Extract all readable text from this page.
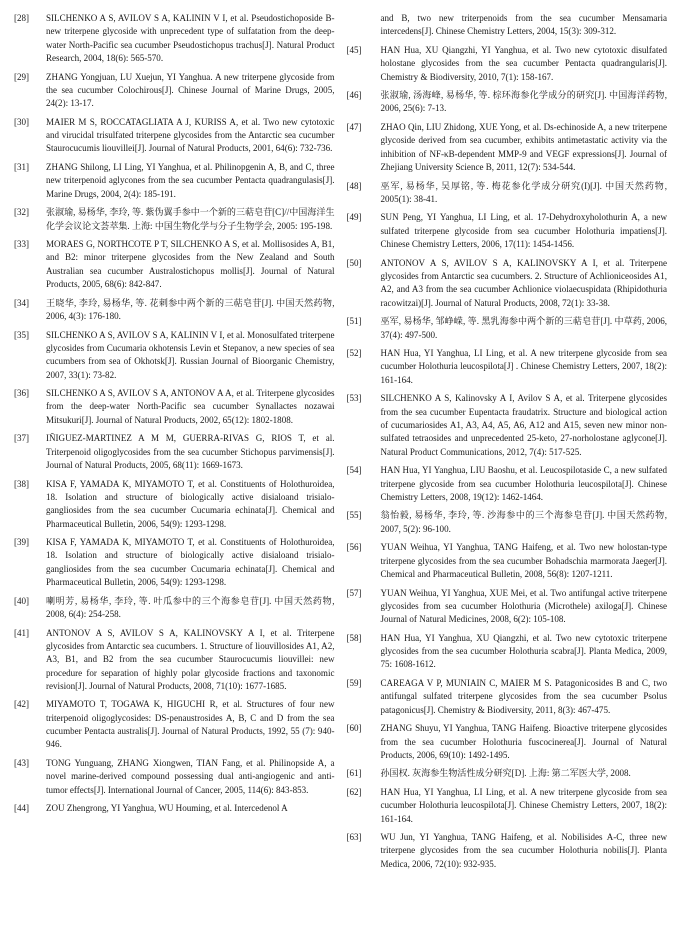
[28]	SILCHENKO A S, AVILOV S A, KALININ V I, et al. Pseudostichoposide B-new triterpene glycoside with unprecedent type of sulfatation from the deep-water North-Pacific sea cucumber Pseudostichopus trachus[J]. Natural Product Research, 2004, 18(6): 565-570.
[29]	ZHANG Yongjuan, LU Xuejun, YI Yanghua. A new triterpene glycoside from the sea cucumber Colochirous[J]. Chinese Journal of Marine Drugs, 2005, 24(2): 13-17.
[30]	MAIER M S, ROCCATAGLIATA A J, KURISS A, et al. Two new cytotoxic and virucidal trisulfated triterpene glycosides from the Antarctic sea cucumber Staurocucumis liouvillei[J]. Journal of Natural Products, 2001, 64(6): 732-736.
[31]	ZHANG Shilong, LI Ling, YI Yanghua, et al. Philinopgenin A, B, and C, three new triterpenoid aglycones from the sea cucumber Pentacta quadrangulasis[J]. Marine Drugs, 2004, 2(4): 185-191.
[32]	张淑瑜, 易杨华, 李玲, 等. 紫伪翼手参中一个新的三萜皂苷[C]//中国海洋生化学会议论文荟萃集. 上海: 中国生物化学与分子生物学会, 2005: 195-198.
[33]	MORAES G, NORTHCOTE P T, SILCHENKO A S, et al. Mollisosides A, B1, and B2: minor triterpene glycosides from the New Zealand and South Australian sea cucumber Australostichopus mollis[J]. Journal of Natural Products, 2005, 68(6): 842-847.
[34]	王晓华, 李玲, 易杨华, 等. 花刺参中两个新的三萜皂苷[J]. 中国天然药物, 2006, 4(3): 176-180.
[35]	SILCHENKO A S, AVILOV S A, KALININ V I, et al. Monosulfated triterpene glycosides from Cucumaria okhotensis Levin et Stepanov, a new species of sea cucumbers from sea of Okhotsk[J]. Russian Journal of Bioorganic Chemistry, 2007, 33(1): 73-82.
[36]	SILCHENKO A S, AVILOV S A, ANTONOV A A, et al. Triterpene glycosides from the deep-water North-Pacific sea cucumber Synallactes nozawai Mitsukuri[J]. Journal of Natural Products, 2002, 65(12): 1802-1808.
[37]	IÑIGUEZ-MARTINEZ A M M, GUERRA-RIVAS G, RIOS T, et al. Triterpenoid oligoglycosides from the sea cucumber Stichopus parvimensis[J]. Journal of Natural Products, 2005, 68(11): 1669-1673.
[38]	KISA F, YAMADA K, MIYAMOTO T, et al. Constituents of Holothuroidea, 18. Isolation and structure of biologically active disialoand trisialo-gangliosides from the sea cucumber Cucumaria echinata[J]. Chemical and Pharmaceutical Bulletin, 2006, 54(9): 1293-1298.
[39]	KISA F, YAMADA K, MIYAMOTO T, et al. Constituents of Holothuroidea, 18. Isolation and structure of biologically active disialoand trisialo-gangliosides from the sea cucumber Cucumaria echinata[J]. Chemical and Pharmaceutical Bulletin, 2006, 54(9): 1293-1298.
[40]	喇明芳, 易杨华, 李玲, 等. 叶瓜参中的三个海参皂苷[J]. 中国天然药物, 2008, 6(4): 254-258.
[41]	ANTONOV A S, AVILOV S A, KALINOVSKY A I, et al. Triterpene glycosides from Antarctic sea cucumbers. 1. Structure of liouvillosides A1, A2, A3, B1, and B2 from the sea cucumber Staurocucumis liouvillei: new procedure for separation of highly polar glycoside fractions and taxonomic revision[J]. Journal of Natural Products, 2008, 71(10): 1677-1685.
[42]	MIYAMOTO T, TOGAWA K, HIGUCHI R, et al. Structures of four new triterpenoid oligoglycosides: DS-penaustrosides A, B, C and D from the sea cucumber Pentacta australis[J]. Journal of Natural Products, 1992, 55 (7): 940-946.
[43]	TONG Yunguang, ZHANG Xiongwen, TIAN Fang, et al. Philinopside A, a novel marine-derived compound possessing dual anti-angiogenic and anti-tumor effects[J]. International Journal of Cancer, 2005, 114(6): 843-853.
[44]	ZOU Zhengrong, YI Yanghua, WU Houming, et al. Intercedenol A
and B, two new triterpenoids from the sea cucumber Mensamaria intercedens[J]. Chinese Chemistry Letters, 2004, 15(3): 309-312.
[45]	HAN Hua, XU Qiangzhi, YI Yanghua, et al. Two new cytotoxic disulfated holostane glycosides from the sea cucumber Pentacta quadrangularis[J]. Chemistry & Biodiversity, 2010, 7(1): 158-167.
[46]	张淑瑜, 汤海峰, 易杨华, 等. 棕环海参化学成分的研究[J]. 中国海洋药物, 2006, 25(6): 7-13.
[47]	ZHAO Qin, LIU Zhidong, XUE Yong, et al. Ds-echinoside A, a new triterpene glycoside derived from sea cucumber, exhibits antimetastatic activity via the inhibition of NF-κB-dependent MMP-9 and VEGF expressions[J]. Journal of Zhejiang University Science B, 2011, 12(7): 534-544.
[48]	巫军, 易杨华, 吴厚铭, 等. 梅花参化学成分研究(I)[J]. 中国天然药物, 2005(1): 38-41.
[49]	SUN Peng, YI Yanghua, LI Ling, et al. 17-Dehydroxyholothurin A, a new sulfated triterpene glycoside from sea cucumber Holothuria impatiens[J]. Chinese Chemistry Letters, 2006, 17(11): 1454-1456.
[50]	ANTONOV A S, AVILOV S A, KALINOVSKY A I, et al. Triterpene glycosides from Antarctic sea cucumbers. 2. Structure of Achlioniceosides A1, A2, and A3 from the sea cucumber Achlionice violaecuspidata (Rhipidothuria racowitzai)[J]. Journal of Natural Products, 2008, 72(1): 33-38.
[51]	巫军, 易杨华, 邹峥嵘, 等. 黑乳海参中两个新的三萜皂苷[J]. 中草药, 2006, 37(4): 497-500.
[52]	HAN Hua, YI Yanghua, LI Ling, et al. A new triterpene glycoside from sea cucumber Holothuria leucospilota[J] . Chinese Chemistry Letters, 2007, 18(2): 161-164.
[53]	SILCHENKO A S, Kalinovsky A I, Avilov S A, et al. Triterpene glycosides from the sea cucumber Eupentacta fraudatrix. Structure and biological action of cucumariosides A1, A3, A4, A5, A6, A12 and A15, seven new minor non-sulfated tetraosides and unprecedented 25-keto, 27-norholostane aglycone[J]. Natural Product Communications, 2012, 7(4): 517-525.
[54]	HAN Hua, YI Yanghua, LIU Baoshu, et al. Leucospilotaside C, a new sulfated triterpene glycoside from sea cucumber Holothuria leucospilota[J]. Chinese Chemistry Letters, 2008, 19(12): 1462-1464.
[55]	翁怡毅, 易杨华, 李玲, 等. 沙海参中的三个海参皂苷[J]. 中国天然药物, 2007, 5(2): 96-100.
[56]	YUAN Weihua, YI Yanghua, TANG Haifeng, et al. Two new holostan-type triterpene glycosides from the sea cucumber Bohadschia marmorata Jaeger[J]. Chemical and Pharmaceutical Bulletin, 2008, 56(8): 1207-1211.
[57]	YUAN Weihua, YI Yanghua, XUE Mei, et al. Two antifungal active triterpene glycosides from sea cucumber Holothuria (Microthele) axiloga[J]. Chinese Journal of Natural Medicines, 2008, 6(2): 105-108.
[58]	HAN Hua, YI Yanghua, XU Qiangzhi, et al. Two new cytotoxic triterpene glycosides from the sea cucumber Holothuria scabra[J]. Planta Medica, 2009, 75: 1608-1612.
[59]	CAREAGA V P, MUNIAIN C, MAIER M S. Patagonicosides B and C, two antifungal sulfated triterpene glycosides from the sea cucumber Psolus patagonicus[J]. Chemistry & Biodiversity, 2011, 8(3): 467-475.
[60]	ZHANG Shuyu, YI Yanghua, TANG Haifeng. Bioactive triterpene glycosides from the sea cucumber Holothuria fuscocinerea[J]. Journal of Natural Products, 2006, 69(10): 1492-1495.
[61]	孙国权. 灰海参生物活性成分研究[D]. 上海: 第二军医大学, 2008.
[62]	HAN Hua, YI Yanghua, LI Ling, et al. A new triterpene glycoside from sea cucumber Holothuria leucospilota[J]. Chinese Chemistry Letters, 2007, 18(2): 161-164.
[63]	WU Jun, YI Yanghua, TANG Haifeng, et al. Nobilisides A-C, three new triterpene glycosides from the sea cucumber Holothuria nobilis[J]. Planta Medica, 2006, 72(10): 932-935.
